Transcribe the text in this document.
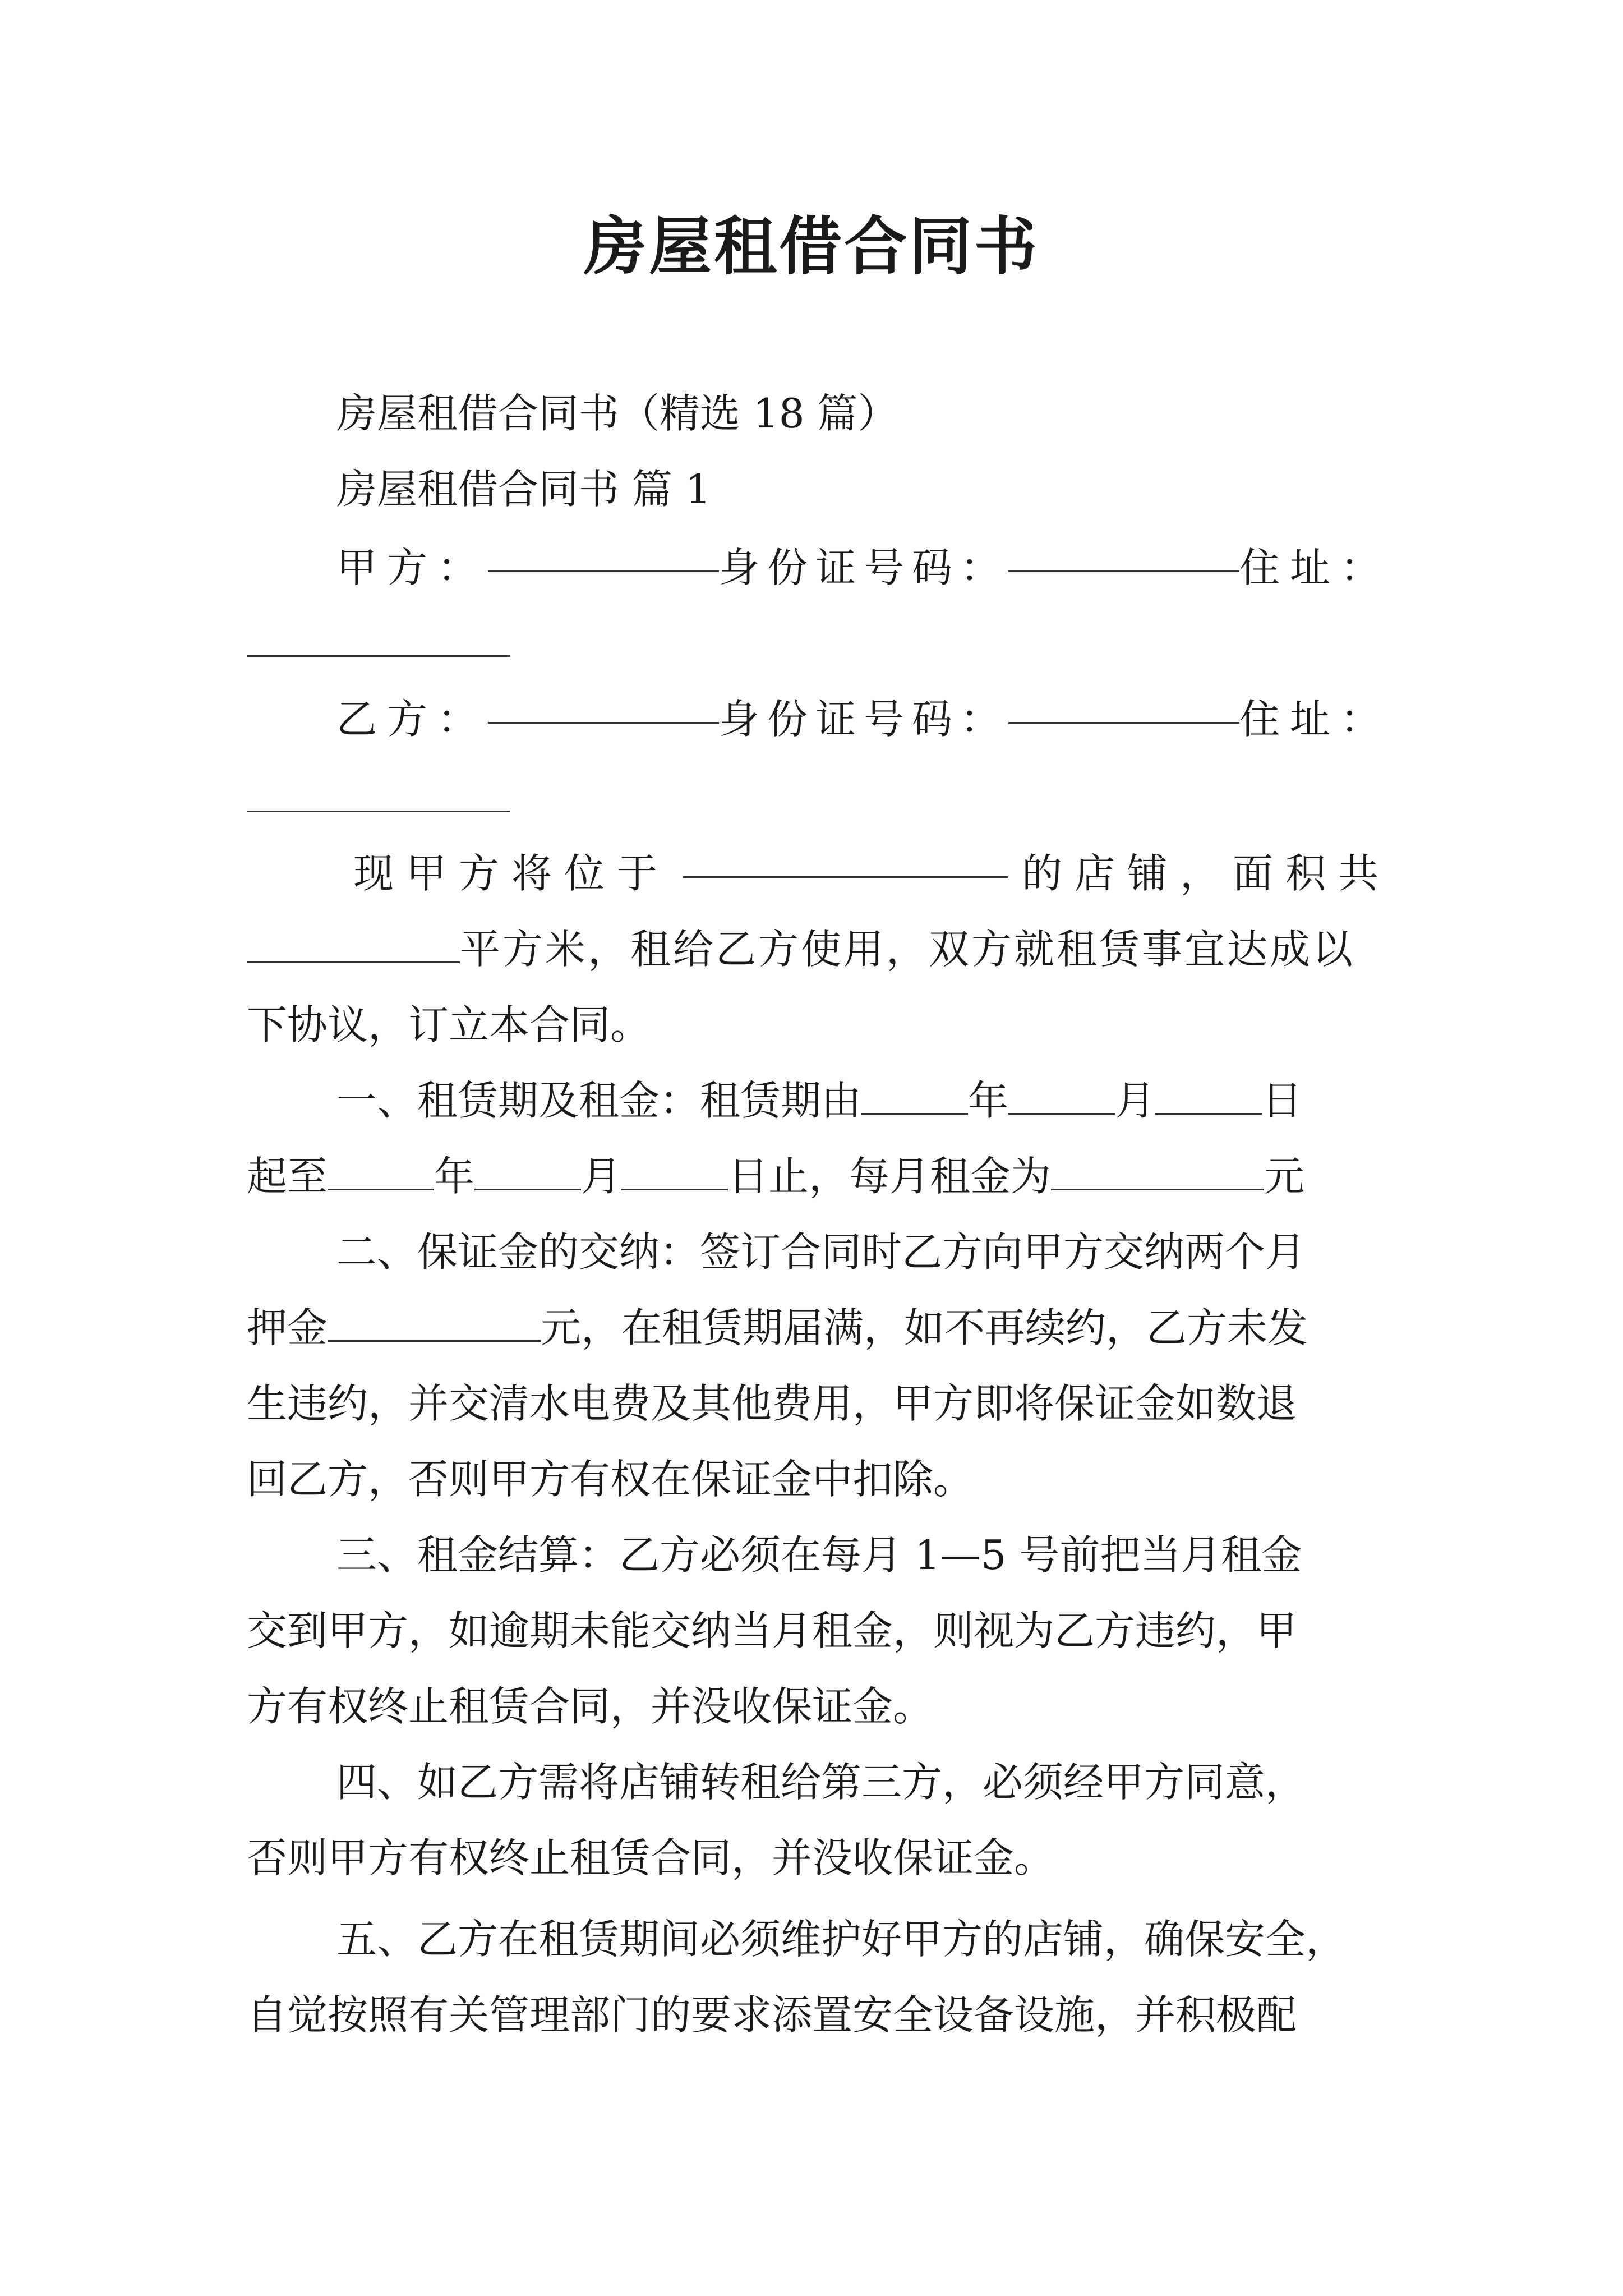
房屋租借合同书
房屋租借合同书（精选 18 篇）
房屋租借合同书 篇 1
甲方：	身份证号码：	住址：
乙方：	身份证号码：	住址：
现甲方将位于	的店铺，面积共
平方米，租给乙方使用，双方就租赁事宜达成以
下协议，订立本合同。
一、租赁期及租金：租赁期由	年	月	日
起至	年	月	日止，每月租金为	元
二、保证金的交纳：签订合同时乙方向甲方交纳两个月
押金	元，在租赁期届满，如不再续约，乙方未发
生违约，并交清水电费及其他费用，甲方即将保证金如数退
回乙方，否则甲方有权在保证金中扣除。
三、租金结算：乙方必须在每月 1—5 号前把当月租金
交到甲方，如逾期未能交纳当月租金，则视为乙方违约，甲
方有权终止租赁合同，并没收保证金。
四、如乙方需将店铺转租给第三方，必须经甲方同意，
否则甲方有权终止租赁合同，并没收保证金。
五、乙方在租赁期间必须维护好甲方的店铺，确保安全，
自觉按照有关管理部门的要求添置安全设备设施，并积极配
